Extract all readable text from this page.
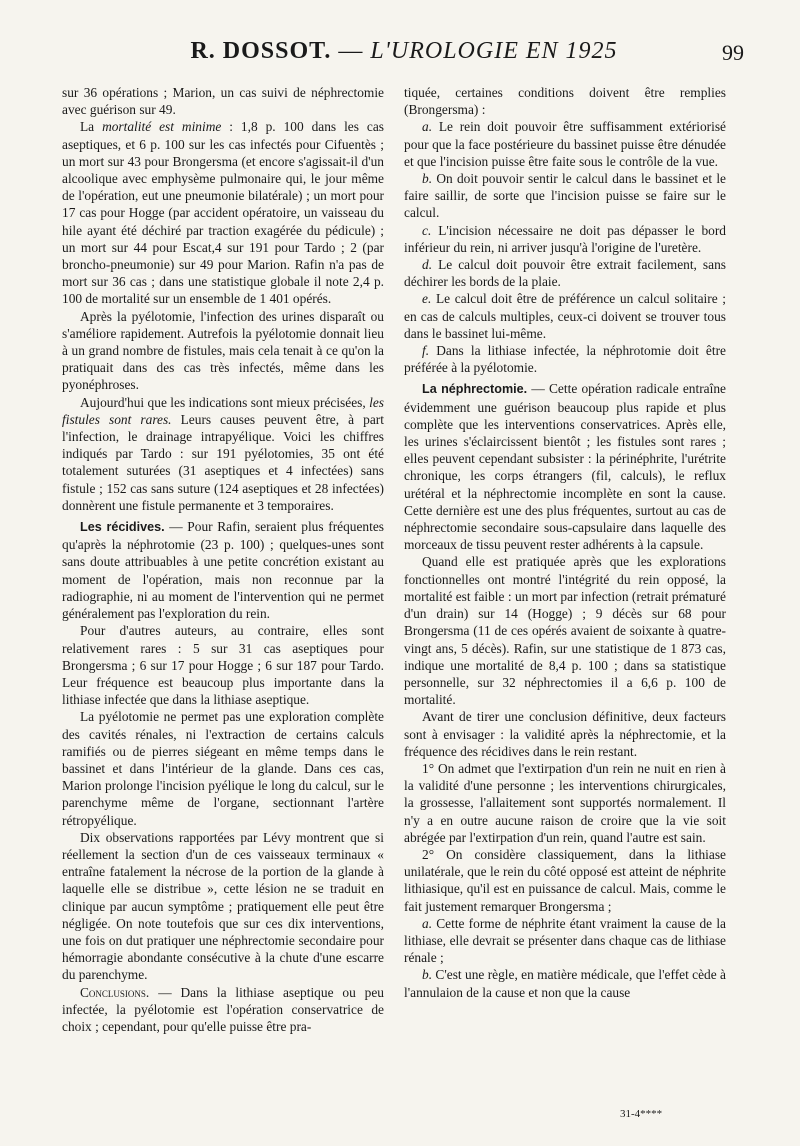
R. DOSSOT. — L'UROLOGIE EN 1925	99

sur 36 opérations ; Marion, un cas suivi de néphrectomie avec guérison sur 49.

La mortalité est minime : 1,8 p. 100 dans les cas aseptiques, et 6 p. 100 sur les cas infectés pour Cifuentès ; un mort sur 43 pour Brongersma (et encore s'agissait-il d'un alcoolique avec emphysème pulmonaire qui, le jour même de l'opération, eut une pneumonie bilatérale) ; un mort pour 17 cas pour Hogge (par accident opératoire, un vaisseau du hile ayant été déchiré par traction exagérée du pédicule) ; un mort sur 44 pour Escat,4 sur 191 pour Tardo ; 2 (par broncho-pneumonie) sur 49 pour Marion. Rafin n'a pas de mort sur 36 cas ; dans une statistique globale il note 2,4 p. 100 de mortalité sur un ensemble de 1 401 opérés.

Après la pyélotomie, l'infection des urines disparaît ou s'améliore rapidement. Autrefois la pyélotomie donnait lieu à un grand nombre de fistules, mais cela tenait à ce qu'on la pratiquait dans des cas très infectés, même dans les pyonéphroses.

Aujourd'hui que les indications sont mieux précisées, les fistules sont rares. Leurs causes peuvent être, à part l'infection, le drainage intrapyélique. Voici les chiffres indiqués par Tardo : sur 191 pyélotomies, 35 ont été totalement suturées (31 aseptiques et 4 infectées) sans fistule ; 152 cas sans suture (124 aseptiques et 28 infectées) donnèrent une fistule permanente et 3 temporaires.

Les récidives. — Pour Rafin, seraient plus fréquentes qu'après la néphrotomie (23 p. 100) ; quelques-unes sont sans doute attribuables à une petite concrétion existant au moment de l'opération, mais non reconnue par la radiographie, ni au moment de l'intervention qui ne permet généralement pas l'exploration du rein.

Pour d'autres auteurs, au contraire, elles sont relativement rares : 5 sur 31 cas aseptiques pour Brongersma ; 6 sur 17 pour Hogge ; 6 sur 187 pour Tardo. Leur fréquence est beaucoup plus importante dans la lithiase infectée que dans la lithiase aseptique.

La pyélotomie ne permet pas une exploration complète des cavités rénales, ni l'extraction de certains calculs ramifiés ou de pierres siégeant en même temps dans le bassinet et dans l'intérieur de la glande. Dans ces cas, Marion prolonge l'incision pyélique le long du calcul, sur le parenchyme même de l'organe, sectionnant l'artère rétropyélique.

Dix observations rapportées par Lévy montrent que si réellement la section d'un de ces vaisseaux terminaux « entraîne fatalement la nécrose de la portion de la glande à laquelle elle se distribue », cette lésion ne se traduit en clinique par aucun symptôme ; pratiquement elle peut être négligée. On note toutefois que sur ces dix interventions, une fois on dut pratiquer une néphrectomie secondaire pour hémorragie abondante consécutive à la chute d'une escarre du parenchyme.

Conclusions. — Dans la lithiase aseptique ou peu infectée, la pyélotomie est l'opération conservatrice de choix ; cependant, pour qu'elle puisse être pra-

tiquée, certaines conditions doivent être remplies (Brongersma) :

a. Le rein doit pouvoir être suffisamment extériorisé pour que la face postérieure du bassinet puisse être dénudée et que l'incision puisse être faite sous le contrôle de la vue.

b. On doit pouvoir sentir le calcul dans le bassinet et le faire saillir, de sorte que l'incision puisse se faire sur le calcul.

c. L'incision nécessaire ne doit pas dépasser le bord inférieur du rein, ni arriver jusqu'à l'origine de l'uretère.

d. Le calcul doit pouvoir être extrait facilement, sans déchirer les bords de la plaie.

e. Le calcul doit être de préférence un calcul solitaire ; en cas de calculs multiples, ceux-ci doivent se trouver tous dans le bassinet lui-même.

f. Dans la lithiase infectée, la néphrotomie doit être préférée à la pyélotomie.

La néphrectomie. — Cette opération radicale entraîne évidemment une guérison beaucoup plus rapide et plus complète que les interventions conservatrices. Après elle, les urines s'éclaircissent bientôt ; les fistules sont rares ; elles peuvent cependant subsister : la périnéphrite, l'urétrite chronique, les corps étrangers (fil, calculs), le reflux urétéral et la néphrectomie incomplète en sont la cause. Cette dernière est une des plus fréquentes, surtout au cas de néphrectomie secondaire sous-capsulaire dans laquelle des morceaux de tissu peuvent rester adhérents à la capsule.

Quand elle est pratiquée après que les explorations fonctionnelles ont montré l'intégrité du rein opposé, la mortalité est faible : un mort par infection (retrait prématuré d'un drain) sur 14 (Hogge) ; 9 décès sur 68 pour Brongersma (11 de ces opérés avaient de soixante à quatre-vingt ans, 5 décès). Rafin, sur une statistique de 1 873 cas, indique une mortalité de 8,4 p. 100 ; dans sa statistique personnelle, sur 32 néphrectomies il a 6,6 p. 100 de mortalité.

Avant de tirer une conclusion définitive, deux facteurs sont à envisager : la validité après la néphrectomie, et la fréquence des récidives dans le rein restant.

1° On admet que l'extirpation d'un rein ne nuit en rien à la validité d'une personne ; les interventions chirurgicales, la grossesse, l'allaitement sont supportés normalement. Il n'y a en outre aucune raison de croire que la vie soit abrégée par l'extirpation d'un rein, quand l'autre est sain.

2° On considère classiquement, dans la lithiase unilatérale, que le rein du côté opposé est atteint de néphrite lithiasique, qu'il est en puissance de calcul. Mais, comme le fait justement remarquer Brongersma ;

a. Cette forme de néphrite étant vraiment la cause de la lithiase, elle devrait se présenter dans chaque cas de lithiase rénale ;

b. C'est une règle, en matière médicale, que l'effet cède à l'annulaion de la cause et non que la cause

31-4****
